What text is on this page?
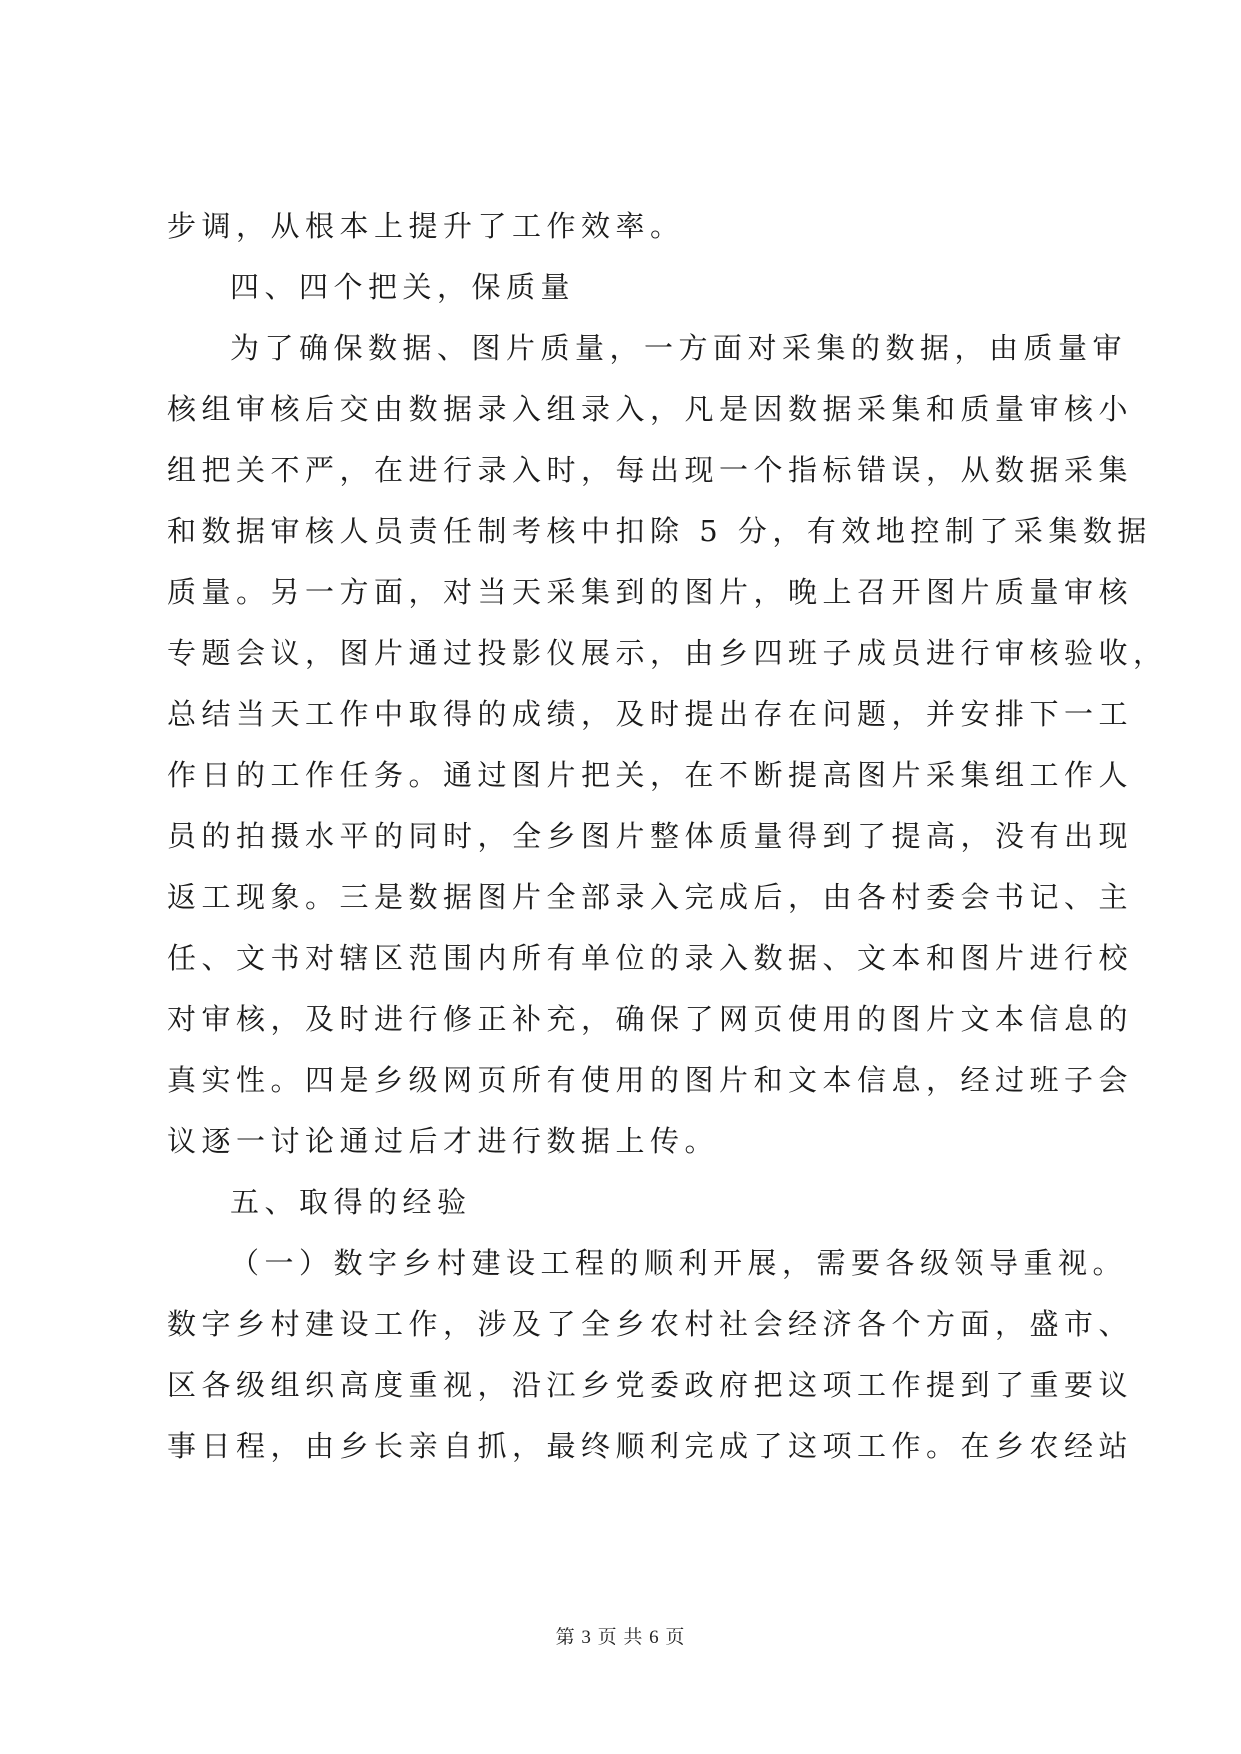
步调，从根本上提升了工作效率。
四、四个把关，保质量
为了确保数据、图片质量，一方面对采集的数据，由质量审
核组审核后交由数据录入组录入，凡是因数据采集和质量审核小
组把关不严，在进行录入时，每出现一个指标错误，从数据采集
和数据审核人员责任制考核中扣除 5 分，有效地控制了采集数据
质量。另一方面，对当天采集到的图片，晚上召开图片质量审核
专题会议，图片通过投影仪展示，由乡四班子成员进行审核验收，
总结当天工作中取得的成绩，及时提出存在问题，并安排下一工
作日的工作任务。通过图片把关，在不断提高图片采集组工作人
员的拍摄水平的同时，全乡图片整体质量得到了提高，没有出现
返工现象。三是数据图片全部录入完成后，由各村委会书记、主
任、文书对辖区范围内所有单位的录入数据、文本和图片进行校
对审核，及时进行修正补充，确保了网页使用的图片文本信息的
真实性。四是乡级网页所有使用的图片和文本信息，经过班子会
议逐一讨论通过后才进行数据上传。
五、取得的经验
（一）数字乡村建设工程的顺利开展，需要各级领导重视。
数字乡村建设工作，涉及了全乡农村社会经济各个方面，盛市、
区各级组织高度重视，沿江乡党委政府把这项工作提到了重要议
事日程，由乡长亲自抓，最终顺利完成了这项工作。在乡农经站
第 3 页 共 6 页
